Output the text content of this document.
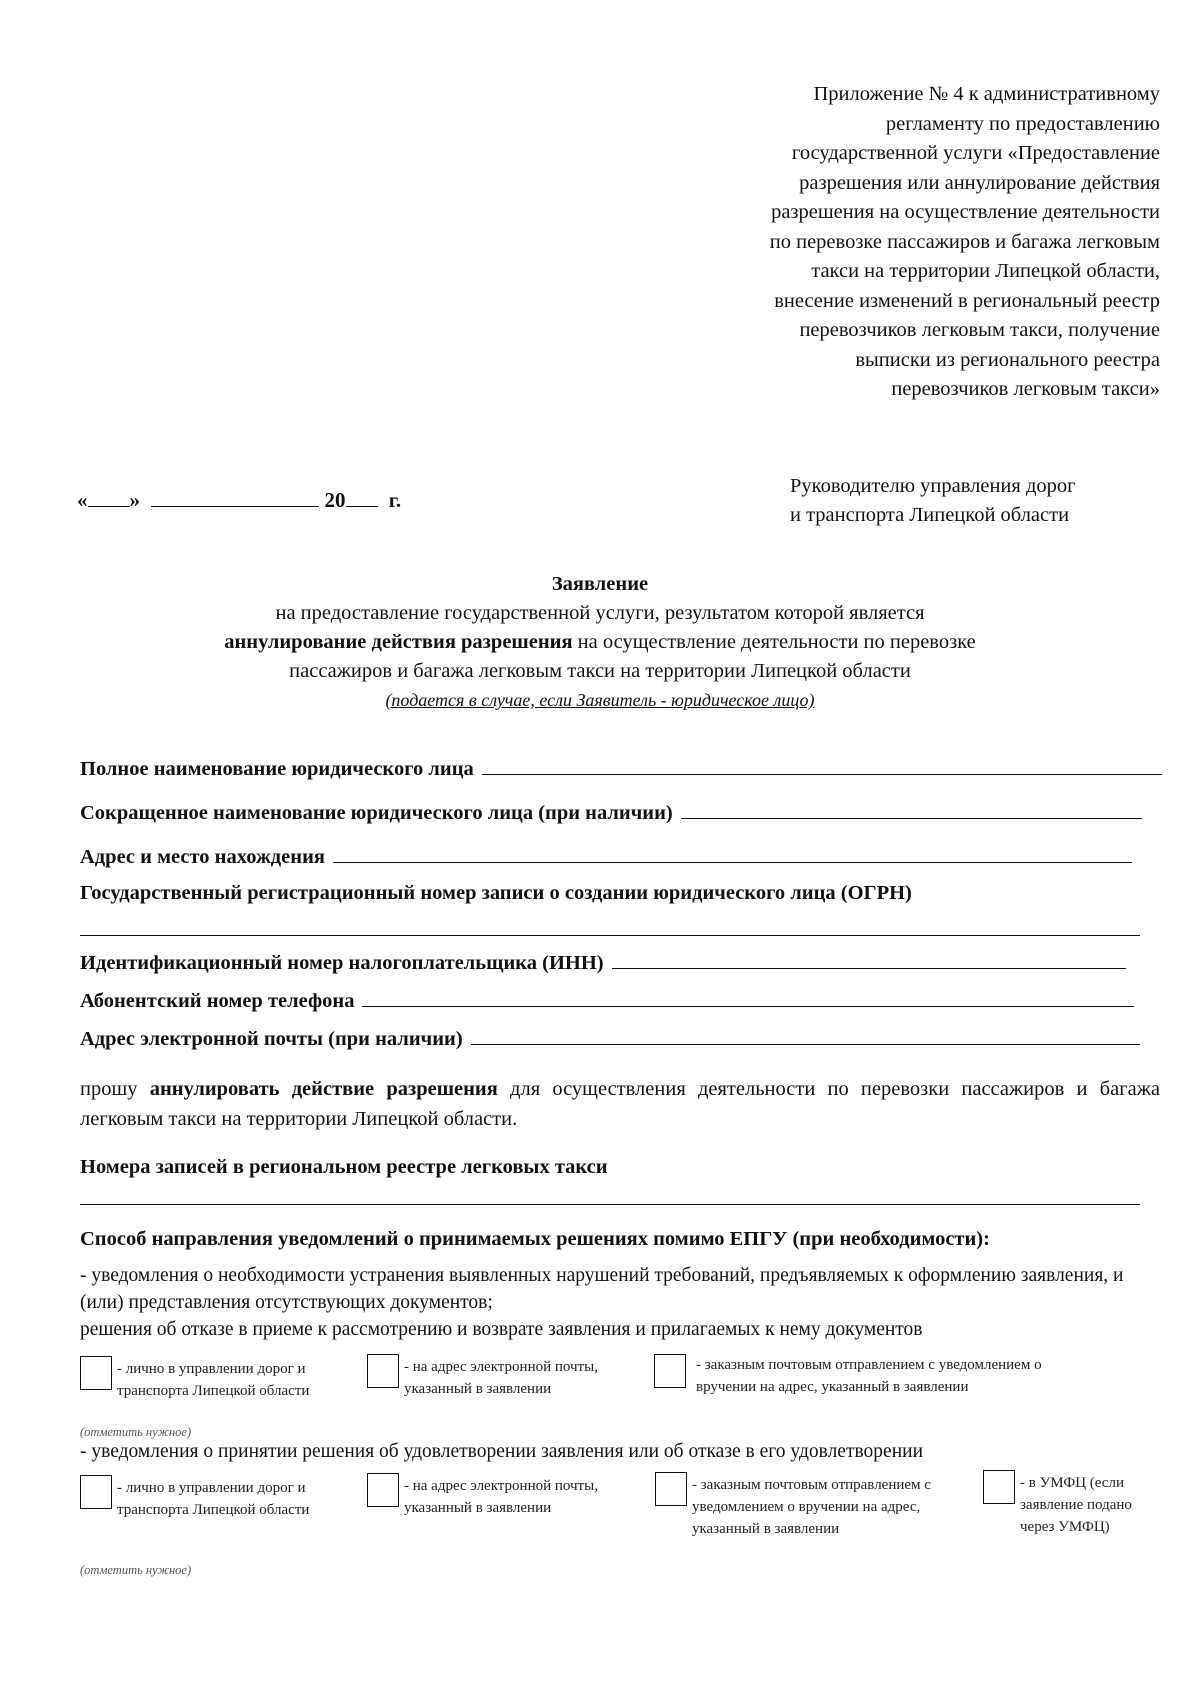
Приложение № 4 к административному
регламенту по предоставлению
государственной услуги «Предоставление
разрешения или аннулирование действия
разрешения на осуществление деятельности
по перевозке пассажиров и багажа легковым
такси на территории Липецкой области,
внесение изменений в региональный реестр
перевозчиков легковым такси, получение
выписки из регионального реестра
перевозчиков легковым такси»
« »	20 г.
Руководителю управления дорог
и транспорта Липецкой области
Заявление
на предоставление государственной услуги, результатом которой является
аннулирование действия разрешения на осуществление деятельности по перевозке
пассажиров и багажа легковым такси на территории Липецкой области
(подается в случае, если Заявитель - юридическое лицо)
Полное наименование юридического лица
Сокращенное наименование юридического лица (при наличии)
Адрес и место нахождения
Государственный регистрационный номер записи о создании юридического лица (ОГРН)
Идентификационный номер налогоплательщика (ИНН)
Абонентский номер телефона
Адрес электронной почты (при наличии)
прошу аннулировать действие разрешения для осуществления деятельности по перевозки пассажиров и багажа легковым такси на территории Липецкой области.
Номера записей в региональном реестре легковых такси
Способ направления уведомлений о принимаемых решениях помимо ЕПГУ (при необходимости):
- уведомления о необходимости устранения выявленных нарушений требований, предъявляемых к оформлению заявления, и (или) представления отсутствующих документов;
решения об отказе в приеме к рассмотрению и возврате заявления и прилагаемых к нему документов
- лично в управлении дорог и
транспорта Липецкой области
- на адрес электронной почты,
указанный в заявлении
- заказным почтовым отправлением с уведомлением о
вручении на адрес, указанный в заявлении
(отметить нужное)
- уведомления о принятии решения об удовлетворении заявления или об отказе в его удовлетворении
- лично в управлении дорог и
транспорта Липецкой области
- на адрес электронной почты,
указанный в заявлении
- заказным почтовым отправлением с
уведомлением о вручении на адрес,
указанный в заявлении
- в УМФЦ (если
заявление подано
через УМФЦ)
(отметить нужное)
